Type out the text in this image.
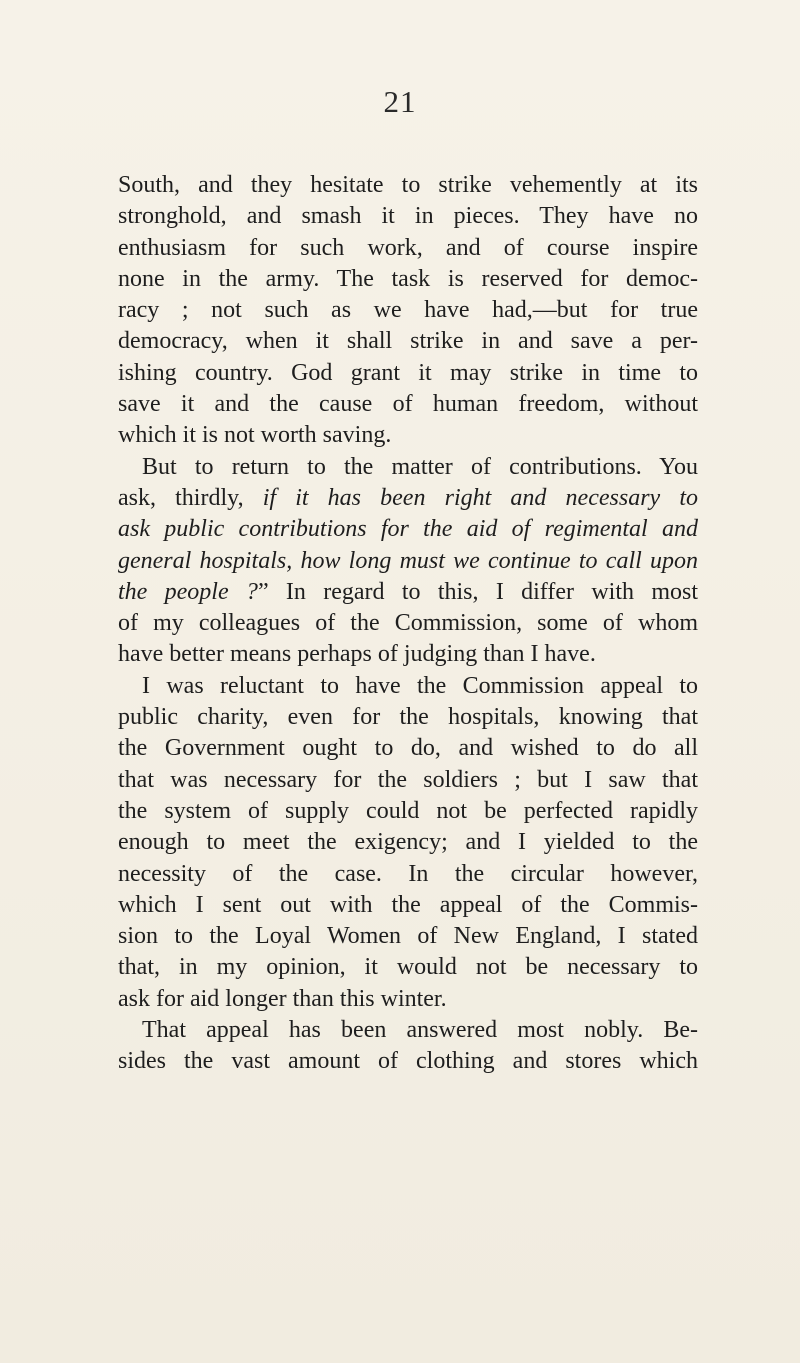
21
South, and they hesitate to strike vehemently at its
stronghold, and smash it in pieces. They have no
enthusiasm for such work, and of course inspire
none in the army. The task is reserved for democ-
racy ; not such as we have had,—but for true
democracy, when it shall strike in and save a per-
ishing country. God grant it may strike in time to
save it and the cause of human freedom, without
which it is not worth saving.
But to return to the matter of contributions. You
ask, thirdly, if it has been right and necessary to
ask public contributions for the aid of regimental and
general hospitals, how long must we continue to call upon
the people ?” In regard to this, I differ with most
of my colleagues of the Commission, some of whom
have better means perhaps of judging than I have.
I was reluctant to have the Commission appeal to
public charity, even for the hospitals, knowing that
the Government ought to do, and wished to do all
that was necessary for the soldiers ; but I saw that
the system of supply could not be perfected rapidly
enough to meet the exigency; and I yielded to the
necessity of the case. In the circular however,
which I sent out with the appeal of the Commis-
sion to the Loyal Women of New England, I stated
that, in my opinion, it would not be necessary to
ask for aid longer than this winter.
That appeal has been answered most nobly. Be-
sides the vast amount of clothing and stores which
